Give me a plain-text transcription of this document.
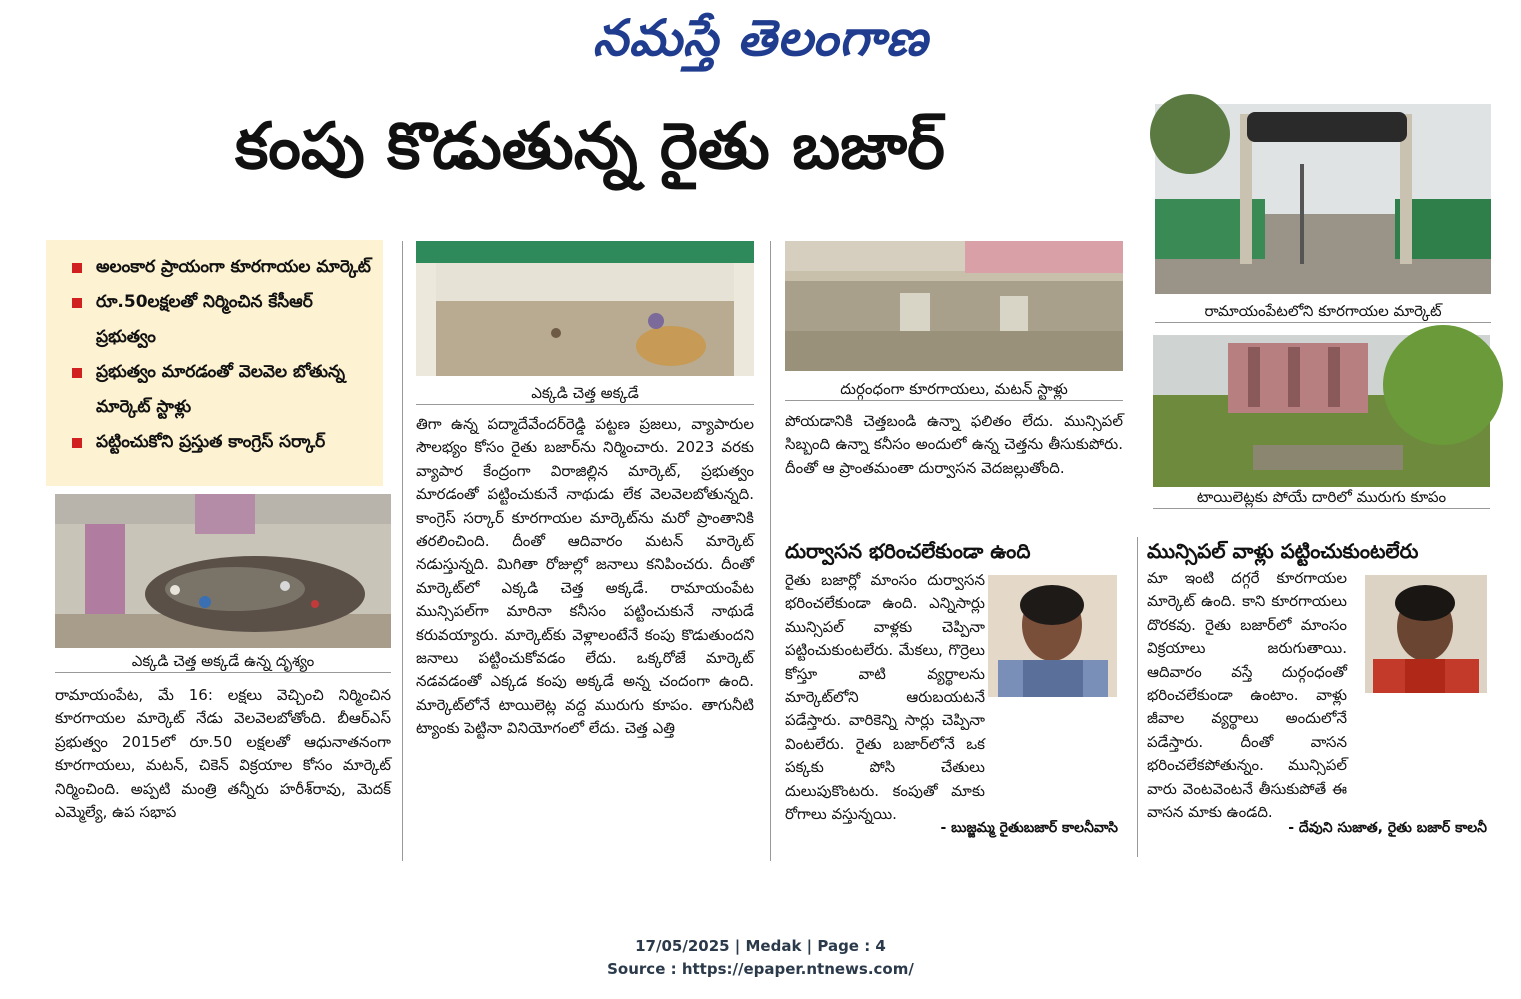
నమస్తే తెలంగాణ
కంపు కొడుతున్న రైతు బజార్
అలంకార ప్రాయంగా కూరగాయల మార్కెట్
రూ.50లక్షలతో నిర్మించిన కేసీఆర్ ప్రభుత్వం
ప్రభుత్వం మారడంతో వెలవెల బోతున్న మార్కెట్ స్టాళ్లు
పట్టించుకోని ప్రస్తుత కాంగ్రెస్ సర్కార్
ఎక్కడి చెత్త అక్కడే ఉన్న దృశ్యం
ఎక్కడి చెత్త అక్కడే	దుర్గంధంగా కూరగాయలు, మటన్ స్టాళ్లు
రామాయంపేటలోని కూరగాయల మార్కెట్
టాయిలెట్లకు పోయే దారిలో మురుగు కూపం

రామాయంపేట, మే 16: లక్షలు వెచ్చించి నిర్మించిన కూరగాయల మార్కెట్ నేడు వెలవెలబోతోంది. బీఆర్ఎస్ ప్రభుత్వం 2015లో రూ.50 లక్షలతో ఆధునాతనంగా కూరగాయలు, మటన్, చికెన్ విక్రయాల కోసం మార్కెట్ నిర్మించింది. అప్పటి మంత్రి తన్నీరు హరీశ్‌రావు, మెదక్ ఎమ్మెల్యే, ఉప సభాప

తిగా ఉన్న పద్మాదేవేందర్‌రెడ్డి పట్టణ ప్రజలు, వ్యాపారుల సౌలభ్యం కోసం రైతు బజార్‌ను నిర్మించారు. 2023 వరకు వ్యాపార కేంద్రంగా విరాజిల్లిన మార్కెట్, ప్రభుత్వం మారడంతో పట్టించుకునే నాథుడు లేక వెలవెలబోతున్నది. కాంగ్రెస్ సర్కార్ కూరగాయల మార్కెట్‌ను మరో ప్రాంతానికి తరలించింది. దీంతో ఆదివారం మటన్ మార్కెట్ నడుస్తున్నది. మిగితా రోజుల్లో జనాలు కనిపించరు. దీంతో మార్కెట్‌లో ఎక్కడి చెత్త అక్కడే. రామాయంపేట మున్సిపల్‌గా మారినా కనీసం పట్టించుకునే నాథుడే కరువయ్యారు. మార్కెట్‌కు వెళ్లాలంటేనే కంపు కొడుతుందని జనాలు పట్టించుకోవడం లేదు. ఒక్కరోజే మార్కెట్ నడవడంతో ఎక్కడ కంపు అక్కడే అన్న చందంగా ఉంది. మార్కెట్‌లోనే టాయిలెట్ల వద్ద మురుగు కూపం. తాగునీటి ట్యాంకు పెట్టినా వినియోగంలో లేదు. చెత్త ఎత్తి

పోయడానికి చెత్తబండి ఉన్నా ఫలితం లేదు. మున్సిపల్ సిబ్బంది ఉన్నా కనీసం అందులో ఉన్న చెత్తను తీసుకుపోరు. దీంతో ఆ ప్రాంతమంతా దుర్వాసన వెదజల్లుతోంది.

దుర్వాసన భరించలేకుండా ఉంది

రైతు బజార్లో మాంసం దుర్వాసన భరించలేకుండా ఉంది. ఎన్నిసార్లు మున్సిపల్ వాళ్లకు చెప్పినా పట్టించుకుంటలేరు. మేకలు, గొర్రెలు కోస్తూ వాటి వ్యర్థాలను మార్కెట్‌లోని ఆరుబయటనే పడేస్తారు. వారికెన్ని సార్లు చెప్పినా వింటలేరు. రైతు బజార్‌లోనే ఒక పక్కకు పోసి చేతులు దులుపుకొంటరు. కంపుతో మాకు రోగాలు వస్తున్నయి.

- బుజ్జమ్మ రైతుబజార్ కాలనీవాసి
మున్సిపల్ వాళ్లు పట్టించుకుంటలేరు

మా ఇంటి దగ్గరే కూరగాయల మార్కెట్ ఉంది. కాని కూరగాయలు దొరకవు. రైతు బజార్‌లో మాంసం విక్రయాలు జరుగుతాయి. ఆదివారం వస్తే దుర్గంధంతో భరించలేకుండా ఉంటాం. వాళ్లు జీవాల వ్యర్థాలు అందులోనే పడేస్తారు. దీంతో వాసన భరించలేకపోతున్నం. మున్సిపల్ వారు వెంటవెంటనే తీసుకుపోతే ఈ వాసన మాకు ఉండది.

- దేవుని సుజాత, రైతు బజార్ కాలనీ
17/05/2025 | Medak | Page : 4
Source : https://epaper.ntnews.com/
